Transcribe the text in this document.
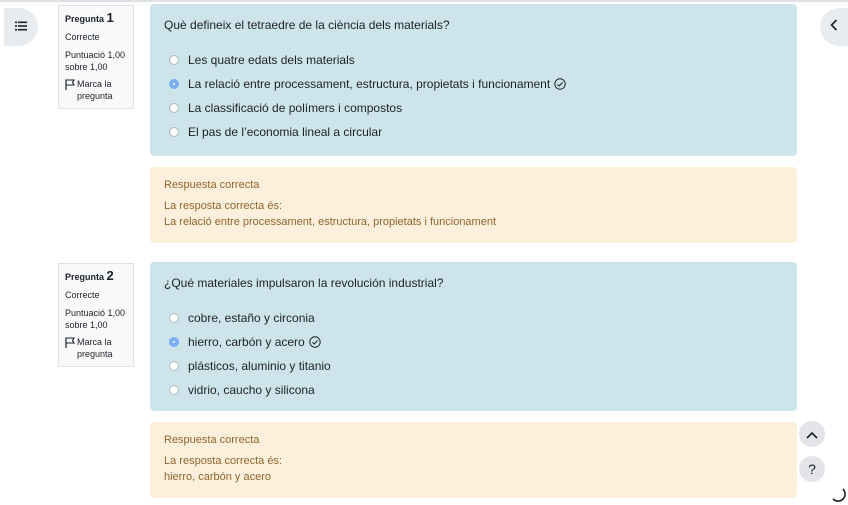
Pregunta 1
Correcte
Puntuació 1,00 sobre 1,00
Marca la pregunta
Què defineix el tetraedre de la ciència dels materials?
Les quatre edats dels materials
La relació entre processament, estructura, propietats i funcionament
La classificació de polímers i compostos
El pas de l’economia lineal a circular
Respuesta correcta
La resposta correcta és:
La relació entre processament, estructura, propietats i funcionament
Pregunta 2
Correcte
Puntuació 1,00 sobre 1,00
Marca la pregunta
¿Qué materiales impulsaron la revolución industrial?
cobre, estaño y circonia
hierro, carbón y acero
plásticos, aluminio y titanio
vidrio, caucho y silicona
Respuesta correcta
La resposta correcta és:
hierro, carbón y acero	?
